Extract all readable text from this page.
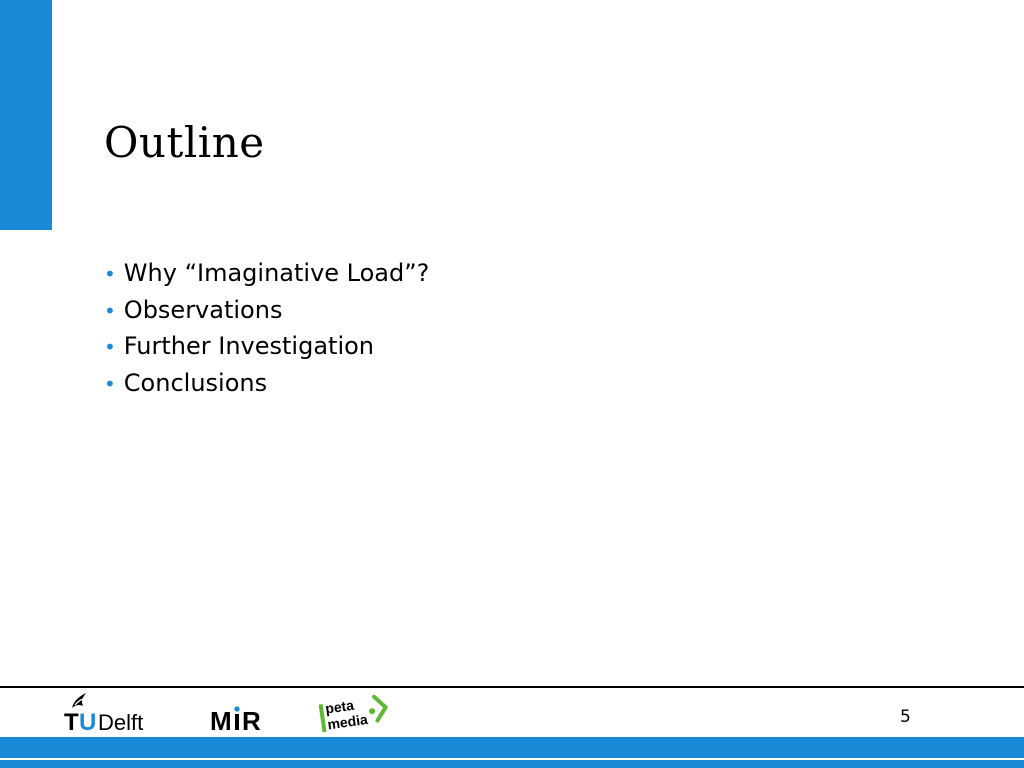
Outline
• Why “Imaginative Load”?
• Observations
• Further Investigation
• Conclusions
T U Delft	M R	peta
media	5
